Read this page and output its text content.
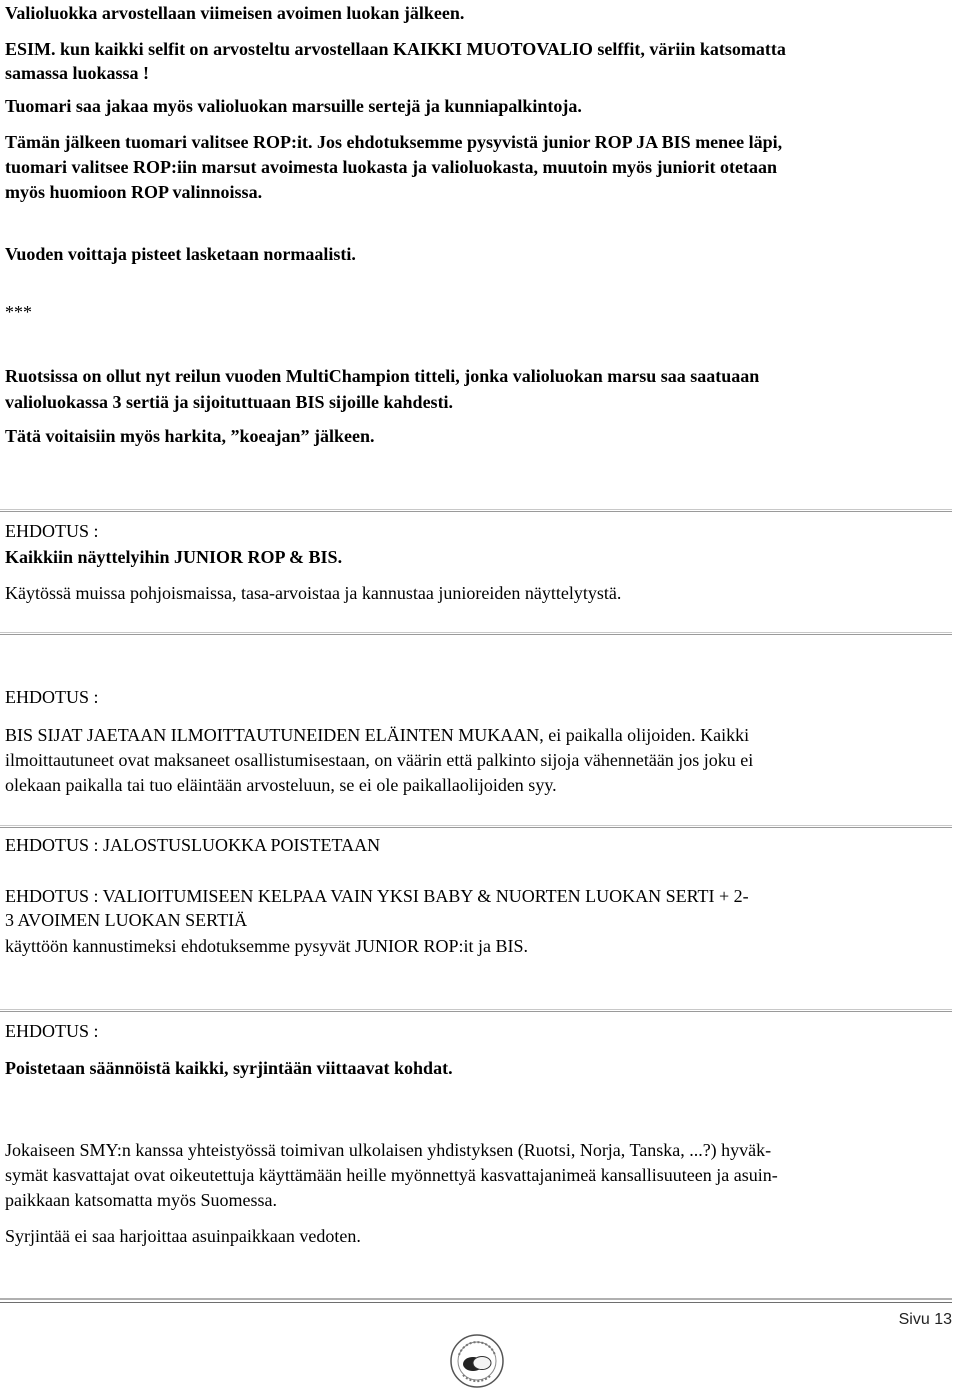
Valioluokka arvostellaan viimeisen avoimen luokan jälkeen.
ESIM. kun kaikki selfit on arvosteltu arvostellaan KAIKKI MUOTOVALIO selffit, väriin katsomatta
samassa luokassa !
Tuomari saa jakaa myös valioluokan marsuille sertejä ja kunniapalkintoja.
Tämän jälkeen tuomari valitsee ROP:it. Jos ehdotuksemme pysyvistä junior ROP JA BIS menee läpi,
tuomari valitsee ROP:iin marsut avoimesta luokasta ja valioluokasta, muutoin myös juniorit otetaan
myös huomioon ROP valinnoissa.
Vuoden voittaja pisteet lasketaan normaalisti.
***
Ruotsissa on ollut nyt reilun vuoden MultiChampion titteli, jonka valioluokan marsu saa saatuaan
valioluokassa 3 sertiä ja sijoituttuaan BIS sijoille kahdesti.
Tätä voitaisiin myös harkita, ”koeajan” jälkeen.
EHDOTUS :
Kaikkiin näyttelyihin JUNIOR ROP & BIS.
Käytössä muissa pohjoismaissa, tasa-arvoistaa ja kannustaa junioreiden näyttelytystä.
EHDOTUS :
BIS SIJAT JAETAAN ILMOITTAUTUNEIDEN ELÄINTEN MUKAAN, ei paikalla olijoiden. Kaikki
ilmoittautuneet ovat maksaneet osallistumisestaan, on väärin että palkinto sijoja vähennetään jos joku ei
olekaan paikalla tai tuo eläintään arvosteluun, se ei ole paikallaolijoiden syy.
EHDOTUS : JALOSTUSLUOKKA POISTETAAN
EHDOTUS : VALIOITUMISEEN KELPAA VAIN YKSI BABY & NUORTEN LUOKAN SERTI + 2-
3 AVOIMEN LUOKAN SERTIÄ
käyttöön kannustimeksi ehdotuksemme pysyvät JUNIOR ROP:it ja BIS.
EHDOTUS :
Poistetaan säännöistä kaikki, syrjintään viittaavat kohdat.
Jokaiseen SMY:n kanssa yhteistyössä toimivan ulkolaisen yhdistyksen (Ruotsi, Norja, Tanska, ...?) hyväk-
symät kasvattajat ovat oikeutettuja käyttämään heille myönnettyä kasvattajanimeä kansallisuuteen ja asuin-
paikkaan katsomatta myös Suomessa.
Syrjintää ei saa harjoittaa asuinpaikkaan vedoten.
Sivu 13
